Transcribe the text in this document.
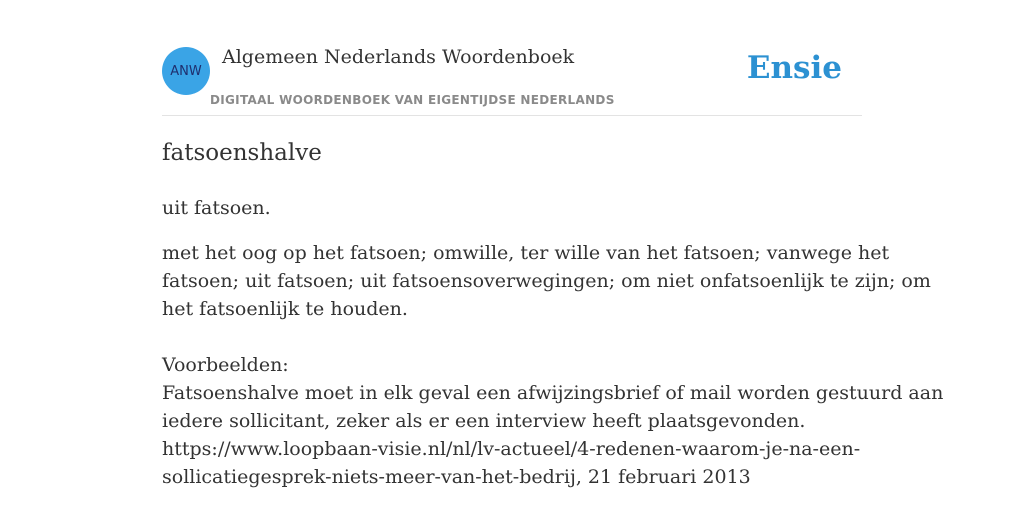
ANW
Algemeen Nederlands Woordenboek
DIGITAAL WOORDENBOEK VAN EIGENTIJDSE NEDERLANDS
Ensie
fatsoenshalve
uit fatsoen.
met het oog op het fatsoen; omwille, ter wille van het fatsoen; vanwege het
fatsoen; uit fatsoen; uit fatsoensoverwegingen; om niet onfatsoenlijk te zijn; om
het fatsoenlijk te houden.
Voorbeelden:
Fatsoenshalve moet in elk geval een afwijzingsbrief of mail worden gestuurd aan
iedere sollicitant, zeker als er een interview heeft plaatsgevonden.
https://www.loopbaan-visie.nl/nl/lv-actueel/4-redenen-waarom-je-na-een-
sollicatiegesprek-niets-meer-van-het-bedrij, 21 februari 2013
